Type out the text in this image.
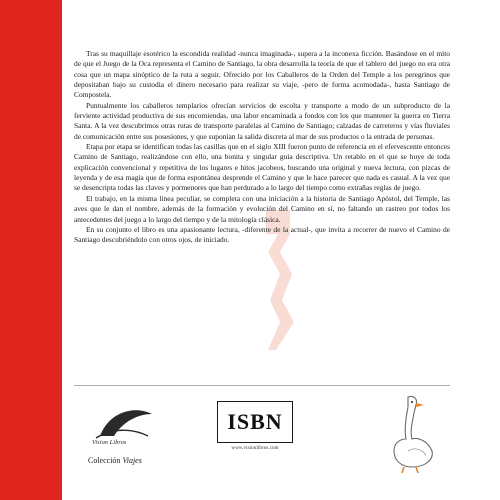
Tras su maquillaje esotérico la escondida realidad -nunca imaginada-, supera a la inconexa ficción. Basándose en el mito de que el Juego de la Oca representa el Camino de Santiago, la obra desarrolla la teoría de que el tablero del juego no era otra cosa que un mapa sinóptico de la ruta a seguir. Ofrecido por los Caballeros de la Orden del Temple a los peregrinos que depositaban bajo su custodia el dinero necesario para realizar su viaje, -pero de forma acomodada-, hasta Santiago de Compostela.

Puntualmente los caballeros templarios ofrecían servicios de escolta y transporte a modo de un subproducto de la ferviente actividad productiva de sus encomiendas, una labor encaminada a fondos con los que mantener la guerra en Tierra Santa. A la vez descubrimos otras rutas de transporte paralelas al Camino de Santiago; calzadas de carreteros y vías fluviales de comunicación entre sus posesiones, y que suponían la salida discreta al mar de sus productos o la entrada de personas.

Etapa por etapa se identifican todas las casillas que en el siglo XIII fueron punto de referencia en el efervescente entonces Camino de Santiago, realizándose con ello, una bonita y singular guía descriptiva. Un retablo en el que se huye de toda explicación convencional y repetitiva de los lugares e hitos jacobeos, buscando una original y nueva lectura, con pizcas de leyenda y de esa magia que de forma espontánea desprende el Camino y que le hace parecer que nada es casual. A la vez que se desencripta todas las claves y pormenores que han perdurado a lo largo del tiempo como extrañas reglas de juego.

El trabajo, en la misma línea peculiar, se completa con una iniciación a la historia de Santiago Apóstol, del Temple, las aves que le dan el nombre, además de la formación y evolución del Camino en sí, no faltando un rastreo por todos los antecedentes del juego a lo largo del tiempo y de la mitología clásica.

En su conjunto el libro es una apasionante lectura, -diferente de la actual-, que invita a recorrer de nuevo el Camino de Santiago descubriéndolo con otros ojos, de iniciado.

Vision Libros
Colección Viajes
ISBN
www.visionlibros.com
